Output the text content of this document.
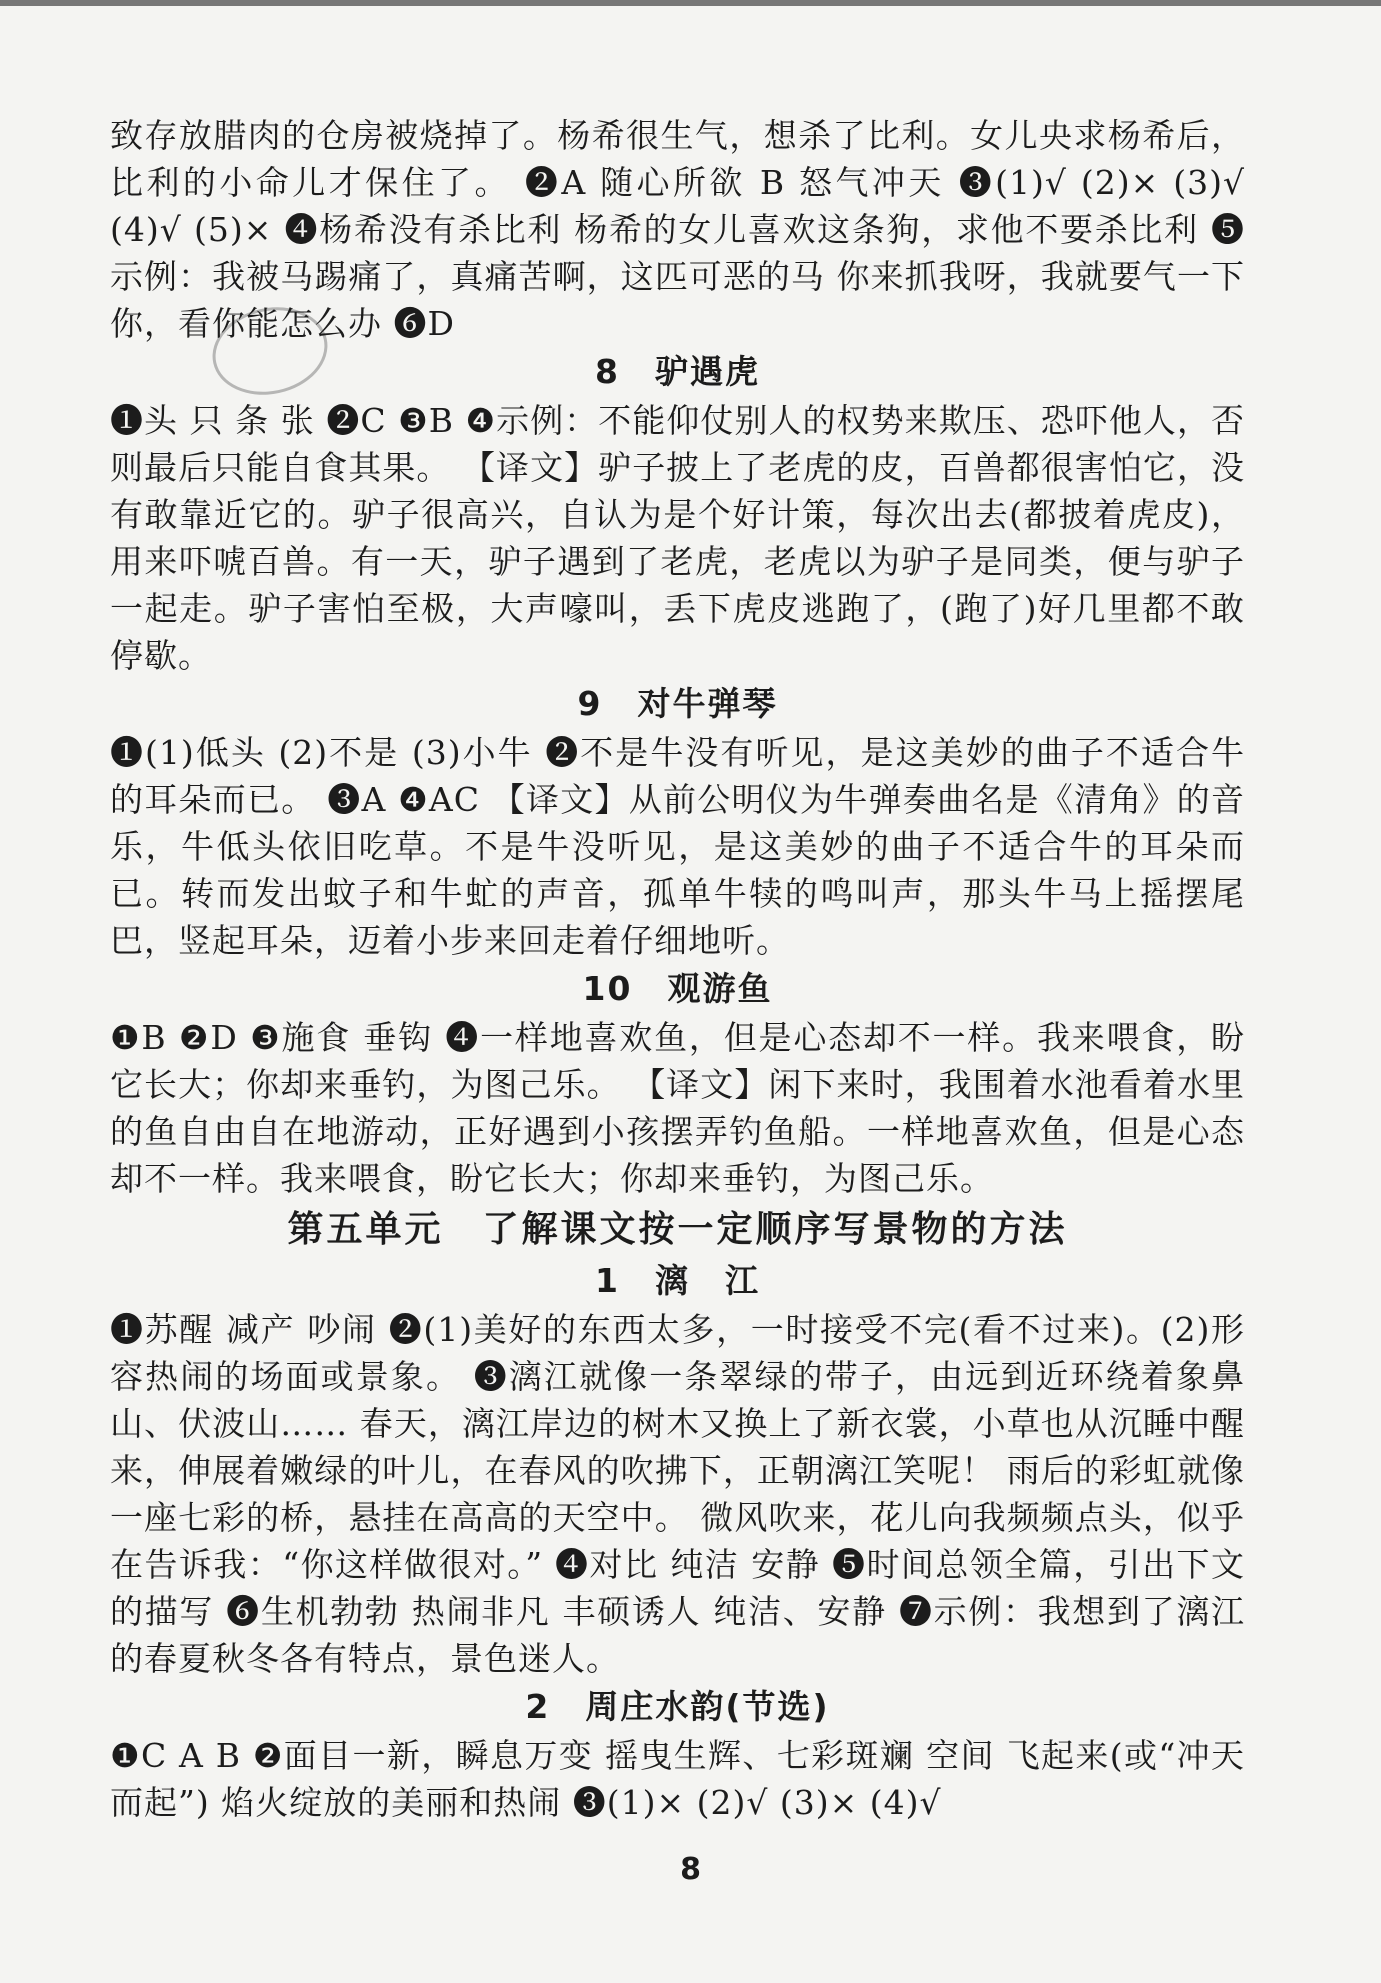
致存放腊肉的仓房被烧掉了。杨希很生气，想杀了比利。女儿央求杨希后，比利的小命儿才保住了。 ❷A 随心所欲 B 怒气冲天 ❸(1)√ (2)× (3)√ (4)√ (5)× ❹杨希没有杀比利 杨希的女儿喜欢这条狗，求他不要杀比利 ❺示例：我被马踢痛了，真痛苦啊，这匹可恶的马 你来抓我呀，我就要气一下你，看你能怎么办 ❻D

8　驴遇虎

❶头 只 条 张 ❷C ❸B ❹示例：不能仰仗别人的权势来欺压、恐吓他人，否则最后只能自食其果。 【译文】驴子披上了老虎的皮，百兽都很害怕它，没有敢靠近它的。驴子很高兴，自认为是个好计策，每次出去(都披着虎皮)，用来吓唬百兽。有一天，驴子遇到了老虎，老虎以为驴子是同类，便与驴子一起走。驴子害怕至极，大声嚎叫，丢下虎皮逃跑了，(跑了)好几里都不敢停歇。

9　对牛弹琴

❶(1)低头 (2)不是 (3)小牛 ❷不是牛没有听见，是这美妙的曲子不适合牛的耳朵而已。 ❸A ❹AC 【译文】从前公明仪为牛弹奏曲名是《清角》的音乐，牛低头依旧吃草。不是牛没听见，是这美妙的曲子不适合牛的耳朵而已。转而发出蚊子和牛虻的声音，孤单牛犊的鸣叫声，那头牛马上摇摆尾巴，竖起耳朵，迈着小步来回走着仔细地听。

10　观游鱼

❶B ❷D ❸施食 垂钩 ❹一样地喜欢鱼，但是心态却不一样。我来喂食，盼它长大；你却来垂钓，为图己乐。 【译文】闲下来时，我围着水池看着水里的鱼自由自在地游动，正好遇到小孩摆弄钓鱼船。一样地喜欢鱼，但是心态却不一样。我来喂食，盼它长大；你却来垂钓，为图己乐。

第五单元　了解课文按一定顺序写景物的方法
1　漓　江

❶苏醒 减产 吵闹 ❷(1)美好的东西太多，一时接受不完(看不过来)。(2)形容热闹的场面或景象。 ❸漓江就像一条翠绿的带子，由远到近环绕着象鼻山、伏波山…… 春天，漓江岸边的树木又换上了新衣裳，小草也从沉睡中醒来，伸展着嫩绿的叶儿，在春风的吹拂下，正朝漓江笑呢！ 雨后的彩虹就像一座七彩的桥，悬挂在高高的天空中。 微风吹来，花儿向我频频点头，似乎在告诉我：“你这样做很对。” ❹对比 纯洁 安静 ❺时间总领全篇，引出下文的描写 ❻生机勃勃 热闹非凡 丰硕诱人 纯洁、安静 ❼示例：我想到了漓江的春夏秋冬各有特点，景色迷人。

2　周庄水韵(节选)

❶C A B ❷面目一新，瞬息万变 摇曳生辉、七彩斑斓 空间 飞起来(或“冲天而起”) 焰火绽放的美丽和热闹 ❸(1)× (2)√ (3)× (4)√

8
